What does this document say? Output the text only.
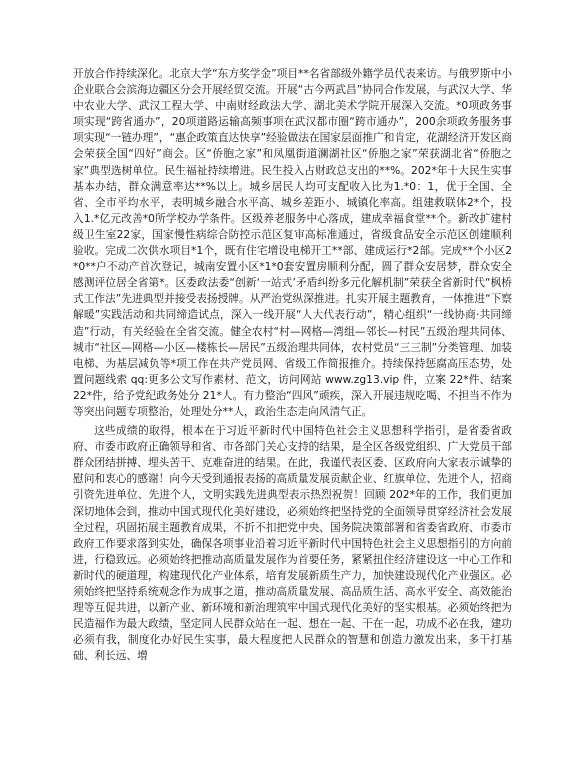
开放合作持续深化。北京大学“东方奖学金”项目**名省部级外籍学员代表来访。与俄罗斯中小企业联合会滨海边疆区分会开展经贸交流。开展“古今两武昌”协同合作发展，与武汉大学、华中农业大学、武汉工程大学、中南财经政法大学、湖北美术学院开展深入交流。*0项政务事项实现“跨省通办”，20项道路运输高频事项在武汉都市圈“跨市通办”，200余项政务服务事项实现“一链办理”，“惠企政策直达快享”经验做法在国家层面推广和肯定，花湖经济开发区商会荣获全国“四好”商会。区“侨胞之家”和凤凰街道澜湖社区“侨胞之家”荣获湖北省“侨胞之家”典型选树单位。民生福祉持续增进。民生投入占财政总支出的**%。202*年十大民生实事基本办结，群众满意率达**%以上。城乡居民人均可支配收入比为1.*0：1，优于全国、全省、全市平均水平，表明城乡融合水平高、城乡差距小、城镇化率高。组建救联体2*个，投入1.*亿元改善*0所学校办学条件。区级养老服务中心落成，建成幸福食堂**个。新改扩建村级卫生室22家，国家慢性病综合防控示范区复审高标准通过，省级食品安全示范区创建顺利验收。完成二次供水项目*1个，既有住宅增设电梯开工**部、建成运行*2部。完成**个小区2*0**户不动产首次登记，城南安置小区*1*0套安置房顺利分配，圆了群众安居梦，群众安全感测评位居全省第*。区委政法委“创新‘一站式’矛盾纠纷多元化解机制”荣获全省新时代“枫桥式工作法”先进典型并接受表扬授牌。从严治党纵深推进。扎实开展主题教育，一体推进“下察解暖”实践活动和共同缔造试点，深入一线开展“人大代表行动”，精心组织“一线协商·共同缔造”行动，有关经验在全省交流。健全农村“村—网格—湾组—邻长—村民”五级治理共同体、城市“社区—网格—小区—楼栋长—居民”五级治理共同体，农村党员“三三制”分类管理、加装电梯、为基层减负等*项工作在共产党员网、省级工作简报推介。持续保持惩腐高压态势，处置问题线索 qq:更多公文写作素材、范文，访问网站 www.zg13.vip 件，立案 22*件、结案 22*件，给予党纪政务处分 21*人。有力整治“四风”顽疾，深入开展违规吃喝、不担当不作为等突出问题专项整治，处理处分**人，政治生态走向风清气正。

这些成绩的取得，根本在于习近平新时代中国特色社会主义思想科学指引，是省委省政府、市委市政府正确领导和省、市各部门关心支持的结果，是全区各级党组织、广大党员干部群众团结拼搏、埋头苦干、克难奋进的结果。在此，我谨代表区委、区政府向大家表示诚挚的慰问和衷心的感谢！向今天受到通报表扬的高质量发展贡献企业、红旗单位、先进个人，招商引资先进单位、先进个人，文明实践先进典型表示热烈祝贺！回顾 202*年的工作，我们更加深切地体会到，推动中国式现代化美好建设，必须始终把坚持党的全面领导贯穿经济社会发展全过程，巩固拓展主题教育成果，不折不扣把党中央、国务院决策部署和省委省政府、市委市政府工作要求落到实处，确保各项事业沿着习近平新时代中国特色社会主义思想指引的方向前进，行稳致远。必须始终把推动高质量发展作为首要任务，紧紧扭住经济建设这一中心工作和新时代的硬道理，构建现代化产业体系，培育发展新质生产力，加快建设现代化产业强区。必须始终把坚持系统观念作为成事之道，推动高质量发展、高品质生活、高水平安全、高效能治理等互促共进，以新产业、新环境和新治理筑牢中国式现代化美好的坚实根基。必须始终把为民造福作为最大政绩，坚定同人民群众站在一起、想在一起、干在一起，功成不必在我，建功必须有我，制度化办好民生实事，最大程度把人民群众的智慧和创造力激发出来，多干打基础、利长远、增
